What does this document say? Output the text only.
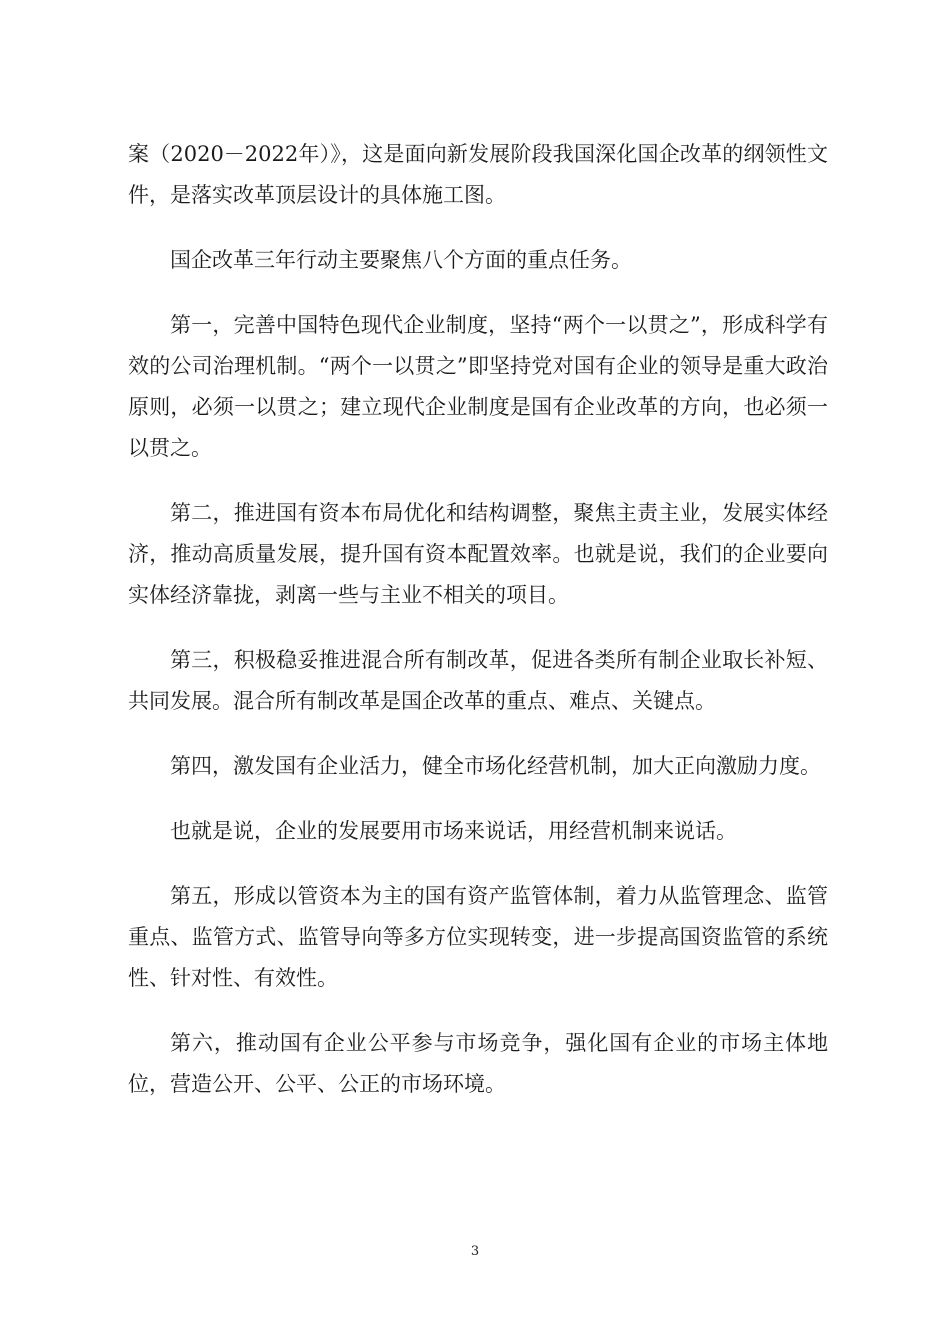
案（2020－2022年）》，这是面向新发展阶段我国深化国企改革的纲领性文件，是落实改革顶层设计的具体施工图。

国企改革三年行动主要聚焦八个方面的重点任务。

第一，完善中国特色现代企业制度，坚持“两个一以贯之”，形成科学有效的公司治理机制。“两个一以贯之”即坚持党对国有企业的领导是重大政治原则，必须一以贯之；建立现代企业制度是国有企业改革的方向，也必须一以贯之。

第二，推进国有资本布局优化和结构调整，聚焦主责主业，发展实体经济，推动高质量发展，提升国有资本配置效率。也就是说，我们的企业要向实体经济靠拢，剥离一些与主业不相关的项目。

第三，积极稳妥推进混合所有制改革，促进各类所有制企业取长补短、共同发展。混合所有制改革是国企改革的重点、难点、关键点。

第四，激发国有企业活力，健全市场化经营机制，加大正向激励力度。

也就是说，企业的发展要用市场来说话，用经营机制来说话。

第五，形成以管资本为主的国有资产监管体制，着力从监管理念、监管重点、监管方式、监管导向等多方位实现转变，进一步提高国资监管的系统性、针对性、有效性。

第六，推动国有企业公平参与市场竞争，强化国有企业的市场主体地位，营造公开、公平、公正的市场环境。

3
